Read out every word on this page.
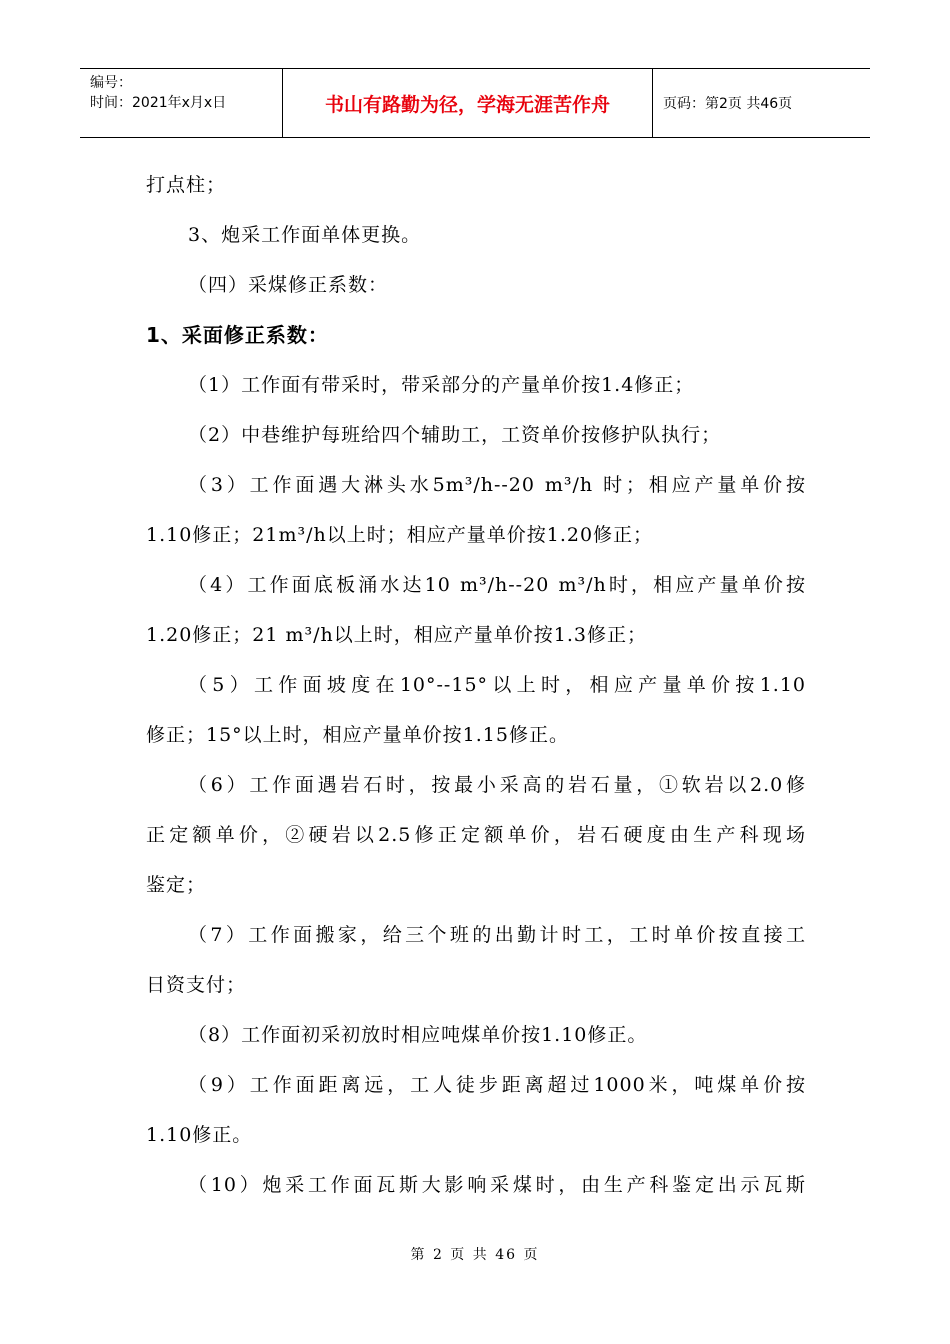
编号：
时间：2021年x月x日	书山有路勤为径，学海无涯苦作舟	页码：第2页 共46页
打点柱；
3、炮采工作面单体更换。
（四）采煤修正系数：
1、采面修正系数：
（1）工作面有带采时，带采部分的产量单价按1.4修正；
（2）中巷维护每班给四个辅助工，工资单价按修护队执行；
（3）工作面遇大淋头水5m³/h--20 m³/h 时；相应产量单价按
1.10修正；21m³/h以上时；相应产量单价按1.20修正；
（4）工作面底板涌水达10 m³/h--20 m³/h时，相应产量单价按
1.20修正；21 m³/h以上时，相应产量单价按1.3修正；
（5）工作面坡度在10°--15°以上时，相应产量单价按1.10
修正；15°以上时，相应产量单价按1.15修正。
（6）工作面遇岩石时，按最小采高的岩石量，①软岩以2.0修
正定额单价，②硬岩以2.5修正定额单价，岩石硬度由生产科现场
鉴定；
（7）工作面搬家，给三个班的出勤计时工，工时单价按直接工
日资支付；
（8）工作面初采初放时相应吨煤单价按1.10修正。
（9）工作面距离远，工人徒步距离超过1000米，吨煤单价按
1.10修正。
（10）炮采工作面瓦斯大影响采煤时，由生产科鉴定出示瓦斯
第 2 页 共 46 页
